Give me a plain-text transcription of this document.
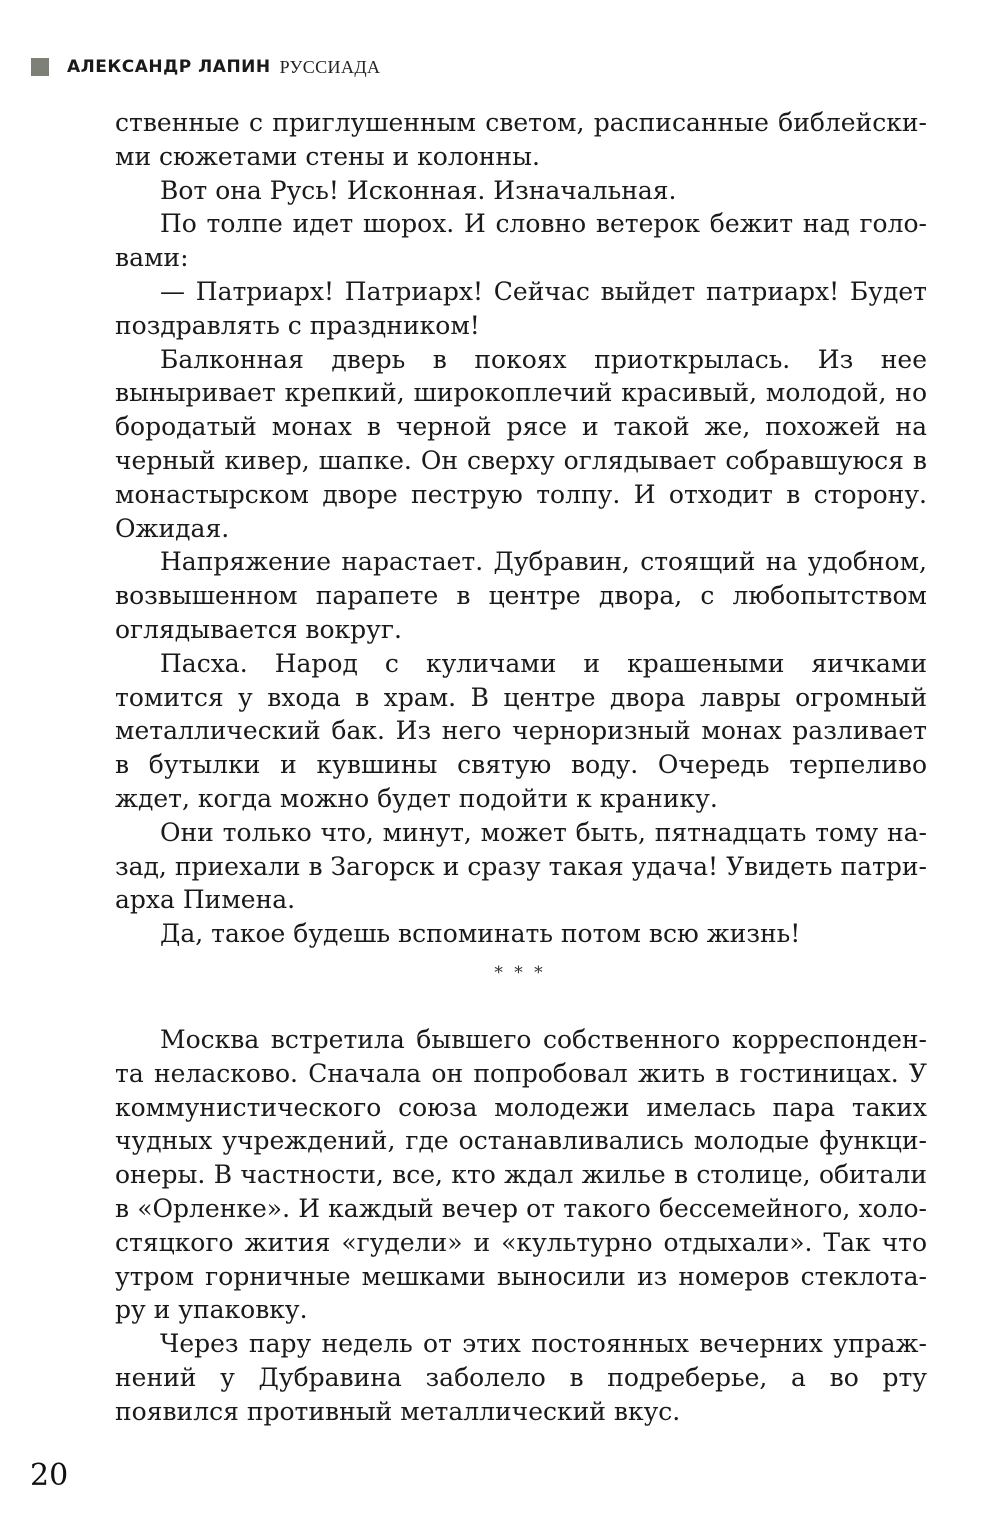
АЛЕКСАНДР ЛАПИН РУССИАДА

ственные с приглушенным светом, расписанные библейскими сюжетами стены и колонны.

Вот она Русь! Исконная. Изначальная.

По толпе идет шорох. И словно ветерок бежит над головами:

— Патриарх! Патриарх! Сейчас выйдет патриарх! Будет поздравлять с праздником!

Балконная дверь в покоях приоткрылась. Из нее выныривает крепкий, широкоплечий красивый, молодой, но бородатый монах в черной рясе и такой же, похожей на черный кивер, шапке. Он сверху оглядывает собравшуюся в монастырском дворе пеструю толпу. И отходит в сторону. Ожидая.

Напряжение нарастает. Дубравин, стоящий на удобном, возвышенном парапете в центре двора, с любопытством оглядывается вокруг.

Пасха. Народ с куличами и крашеными яичками томится у входа в храм. В центре двора лавры огромный металлический бак. Из него черноризный монах разливает в бутылки и кувшины святую воду. Очередь терпеливо ждет, когда можно будет подойти к кранику.

Они только что, минут, может быть, пятнадцать тому назад, приехали в Загорск и сразу такая удача! Увидеть патриарха Пимена.

Да, такое будешь вспоминать потом всю жизнь!

* * *

Москва встретила бывшего собственного корреспондента неласково. Сначала он попробовал жить в гостиницах. У коммунистического союза молодежи имелась пара таких чудных учреждений, где останавливались молодые функционеры. В частности, все, кто ждал жилье в столице, обитали в «Орленке». И каждый вечер от такого бессемейного, холостяцкого жития «гудели» и «культурно отдыхали». Так что утром горничные мешками выносили из номеров стеклотару и упаковку.

Через пару недель от этих постоянных вечерних упражнений у Дубравина заболело в подреберье, а во рту появился противный металлический вкус.

20
